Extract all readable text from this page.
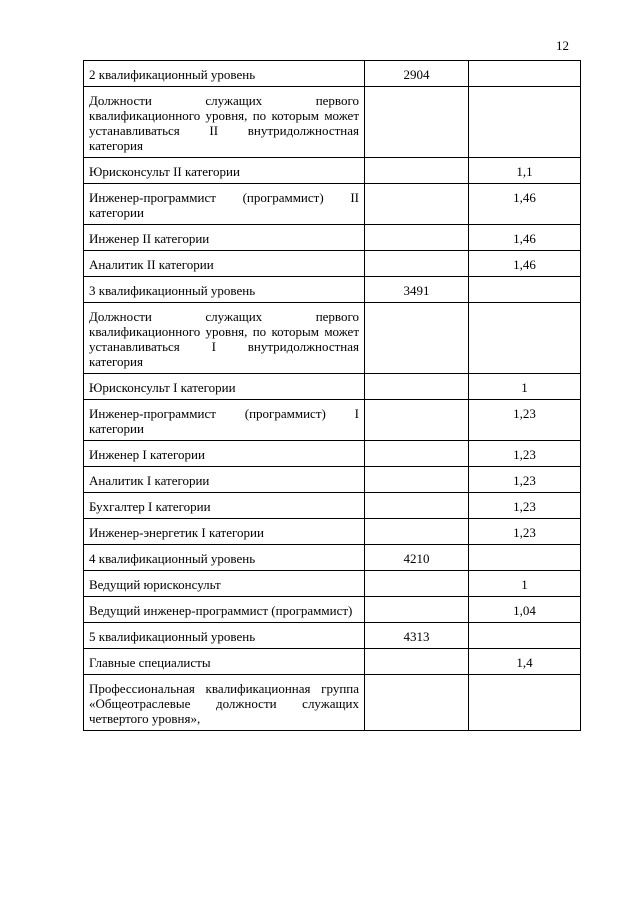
12
2 квалификационный уровень	2904	
Должности служащих первого квалификационного уровня, по которым может устанавливаться II внутридолжностная категория		
Юрисконсульт II категории		1,1
Инженер-программист (программист) II категории		1,46
Инженер II категории		1,46
Аналитик II категории		1,46
3 квалификационный уровень	3491	
Должности служащих первого квалификационного уровня, по которым может устанавливаться I внутридолжностная категория		
Юрисконсульт I категории		1
Инженер-программист (программист) I категории		1,23
Инженер I категории		1,23
Аналитик I категории		1,23
Бухгалтер I категории		1,23
Инженер-энергетик I категории		1,23
4 квалификационный уровень	4210	
Ведущий юрисконсульт		1
Ведущий инженер-программист (программист)		1,04
5 квалификационный уровень	4313	
Главные специалисты		1,4
Профессиональная квалификационная группа «Общеотраслевые должности служащих четвертого уровня»,		
